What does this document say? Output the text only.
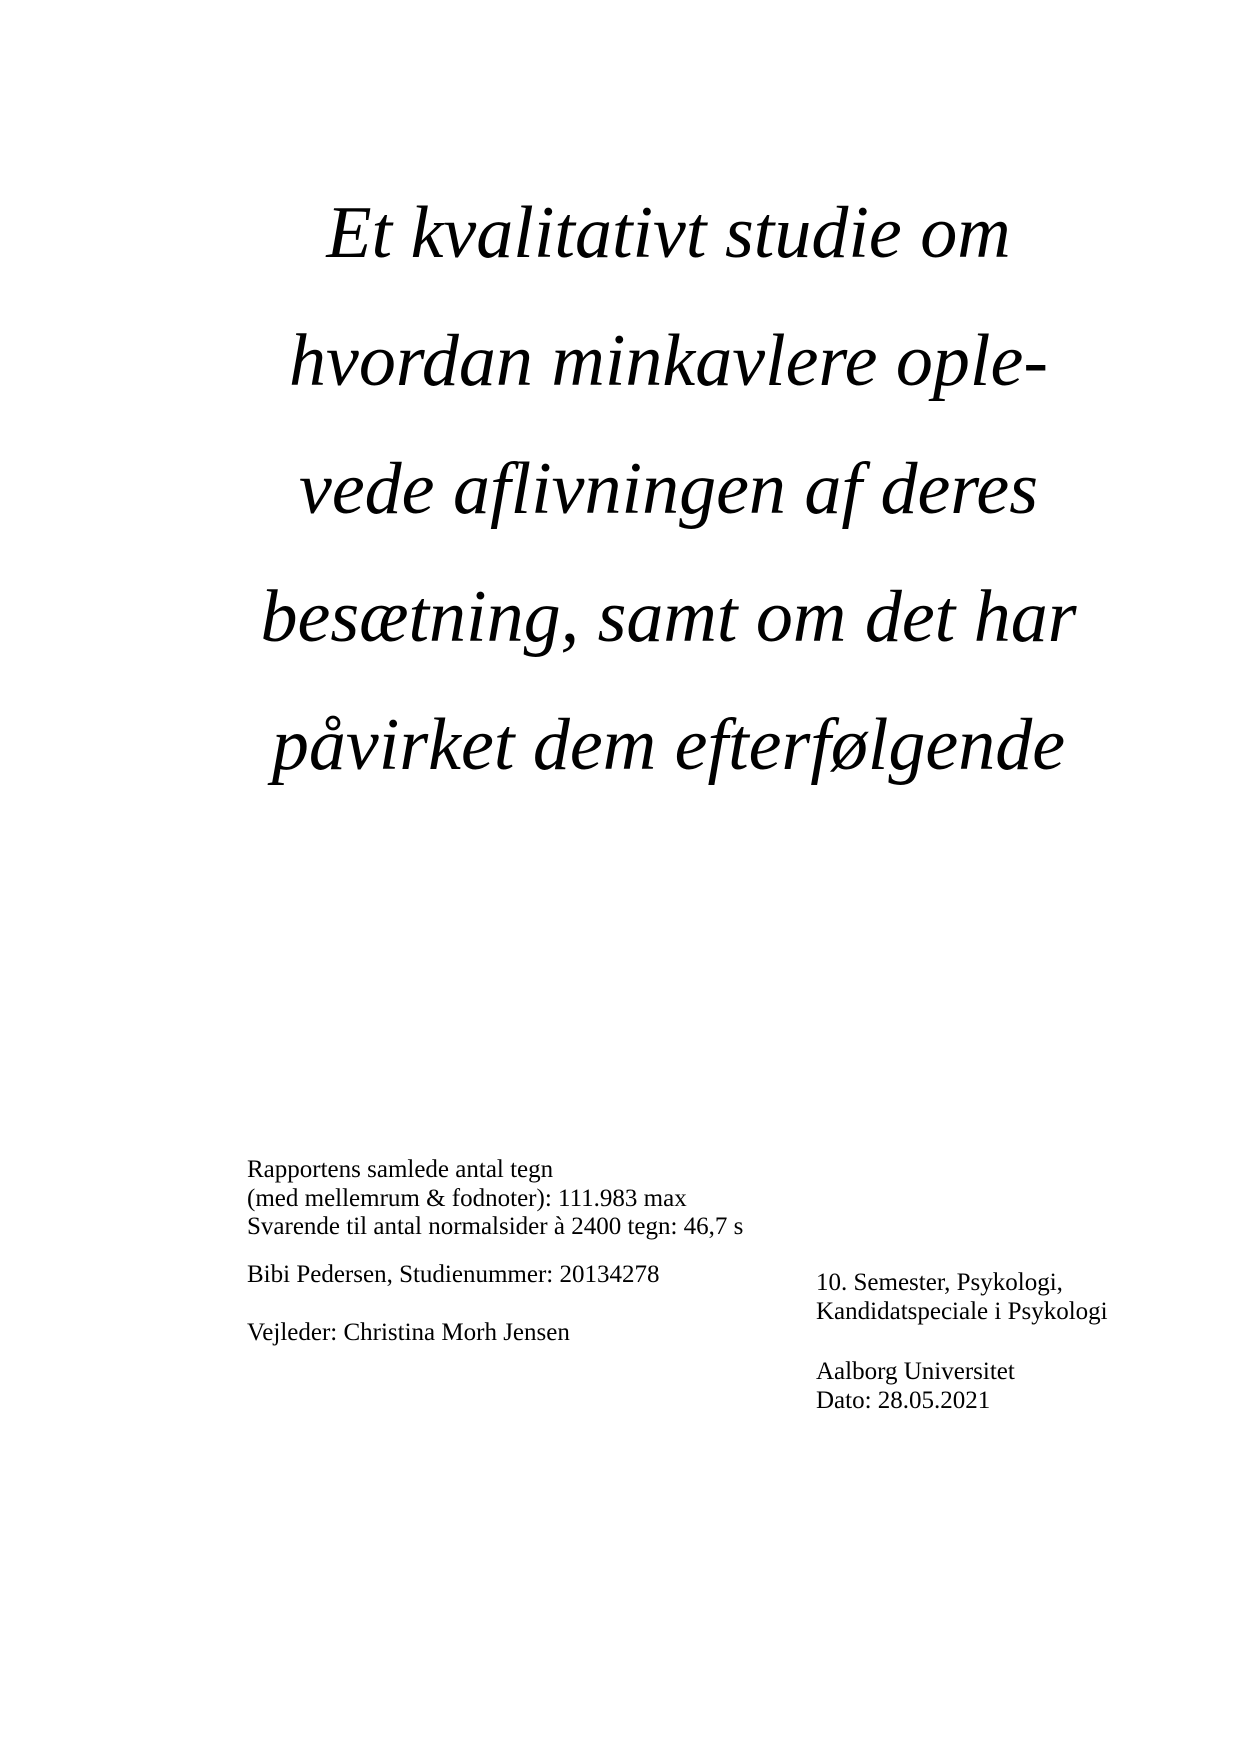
Et kvalitativt studie om
hvordan minkavlere ople-
vede aflivningen af deres
besætning, samt om det har
påvirket dem efterfølgende
Rapportens samlede antal tegn
(med mellemrum & fodnoter): 111.983 max
Svarende til antal normalsider à 2400 tegn: 46,7 s
Bibi Pedersen, Studienummer: 20134278
Vejleder: Christina Morh Jensen
10. Semester, Psykologi,
Kandidatspeciale i Psykologi
Aalborg Universitet
Dato: 28.05.2021
